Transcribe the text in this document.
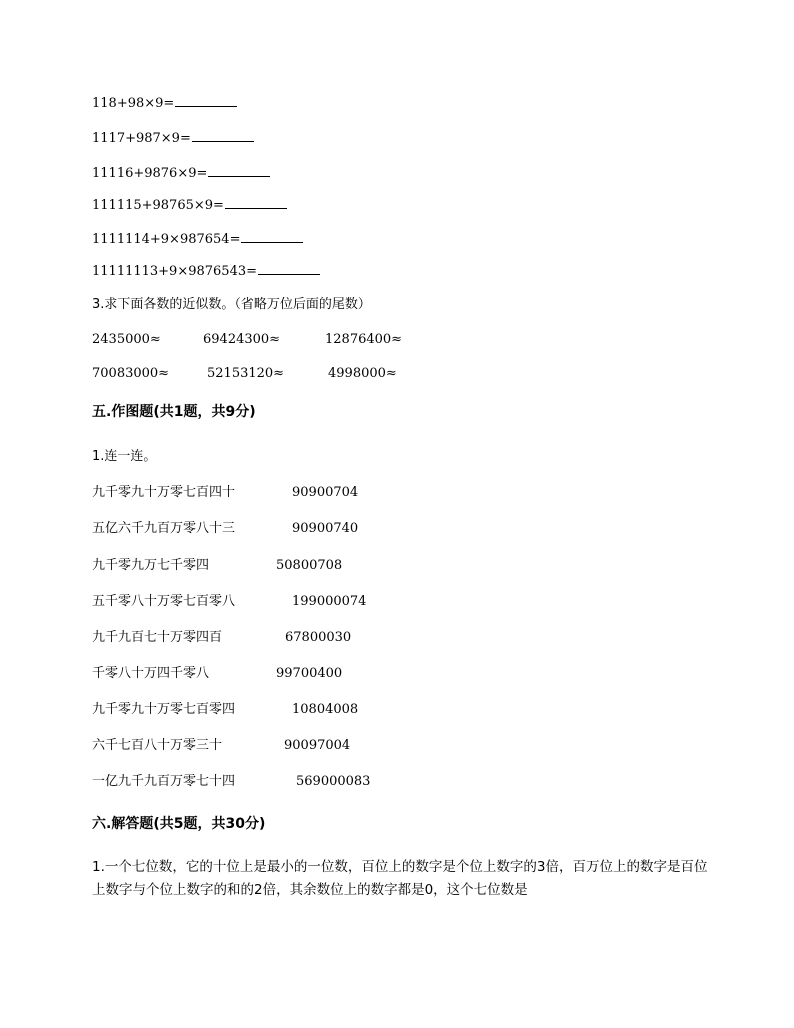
118+98×9=
1117+987×9=
11116+9876×9=
111115+98765×9=
1111114+9×987654=
11111113+9×9876543=
3.求下面各数的近似数。（省略万位后面的尾数）
2435000≈	69424300≈	12876400≈
70083000≈	52153120≈	4998000≈
五.作图题(共1题，共9分)
1.连一连。
九千零九十万零七百四十	90900704
五亿六千九百万零八十三	90900740
九千零九万七千零四	50800708
五千零八十万零七百零八	199000074
九千九百七十万零四百	67800030
千零八十万四千零八	99700400
九千零九十万零七百零四	10804008
六千七百八十万零三十	90097004
一亿九千九百万零七十四	569000083
六.解答题(共5题，共30分)
1.一个七位数，它的十位上是最小的一位数，百位上的数字是个位上数字的3倍，百万位上的数字是百位上数字与个位上数字的和的2倍，其余数位上的数字都是0，这个七位数是
